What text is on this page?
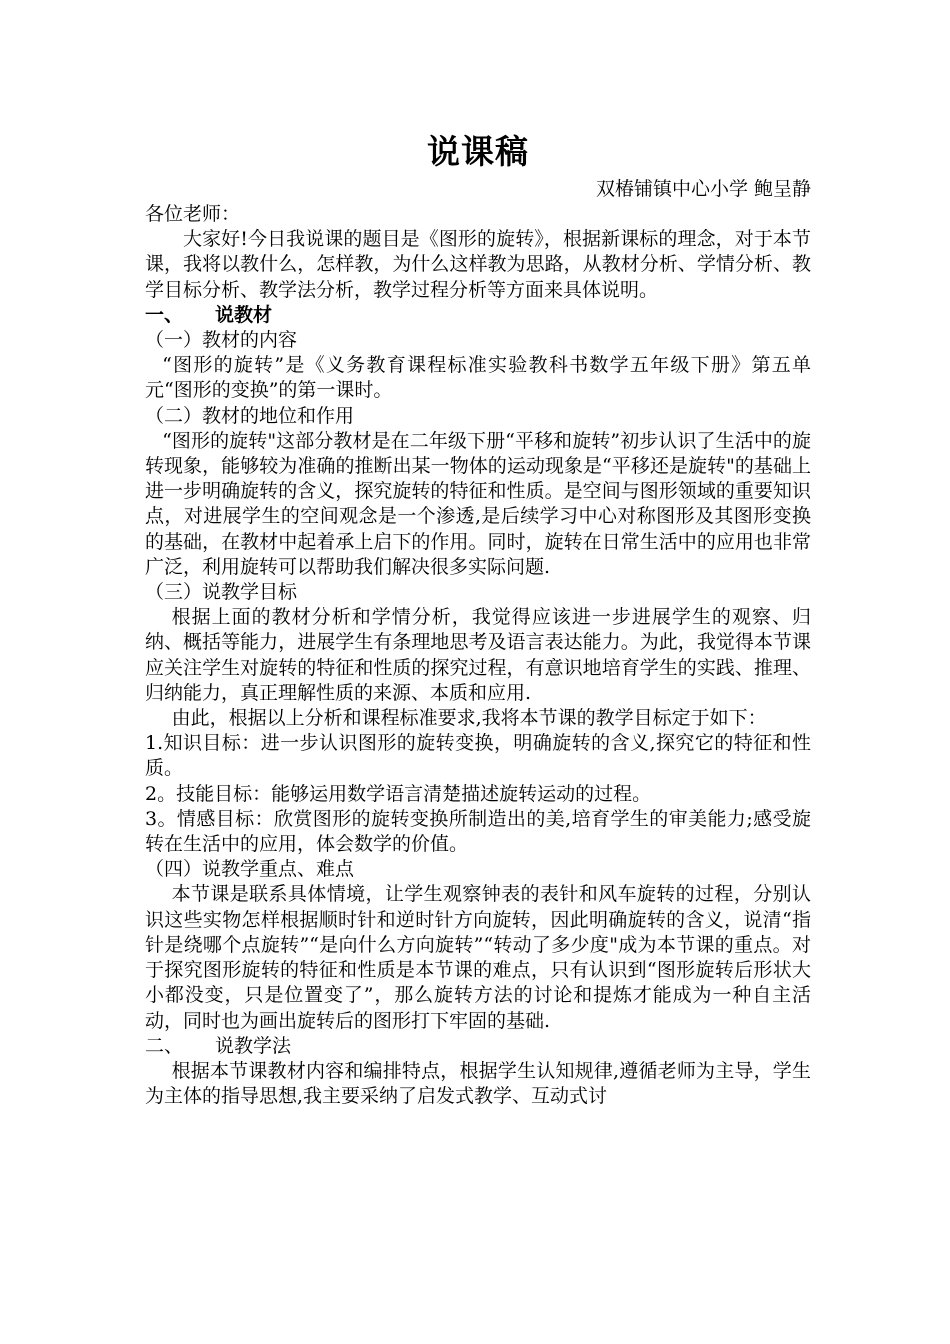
说课稿

双椿铺镇中心小学 鲍呈静

各位老师：

大家好!今日我说课的题目是《图形的旋转》，根据新课标的理念，对于本节课，我将以教什么，怎样教，为什么这样教为思路，从教材分析、学情分析、教学目标分析、教学法分析，教学过程分析等方面来具体说明。

一、 说教材

（一）教材的内容

“图形的旋转”是《义务教育课程标准实验教科书数学五年级下册》第五单元“图形的变换”的第一课时。

（二）教材的地位和作用

“图形的旋转"这部分教材是在二年级下册“平移和旋转”初步认识了生活中的旋转现象，能够较为准确的推断出某一物体的运动现象是“平移还是旋转"的基础上进一步明确旋转的含义，探究旋转的特征和性质。是空间与图形领域的重要知识点，对进展学生的空间观念是一个渗透,是后续学习中心对称图形及其图形变换的基础，在教材中起着承上启下的作用。同时，旋转在日常生活中的应用也非常广泛，利用旋转可以帮助我们解决很多实际问题.

（三）说教学目标

根据上面的教材分析和学情分析，我觉得应该进一步进展学生的观察、归纳、概括等能力，进展学生有条理地思考及语言表达能力。为此，我觉得本节课应关注学生对旋转的特征和性质的探究过程，有意识地培育学生的实践、推理、归纳能力，真正理解性质的来源、本质和应用.

由此，根据以上分析和课程标准要求,我将本节课的教学目标定于如下：

1.知识目标：进一步认识图形的旋转变换，明确旋转的含义,探究它的特征和性质。

2。技能目标：能够运用数学语言清楚描述旋转运动的过程。

3。情感目标：欣赏图形的旋转变换所制造出的美,培育学生的审美能力;感受旋转在生活中的应用，体会数学的价值。

（四）说教学重点、难点

本节课是联系具体情境，让学生观察钟表的表针和风车旋转的过程，分别认识这些实物怎样根据顺时针和逆时针方向旋转，因此明确旋转的含义，说清“指针是绕哪个点旋转”“是向什么方向旋转”“转动了多少度"成为本节课的重点。对于探究图形旋转的特征和性质是本节课的难点，只有认识到“图形旋转后形状大小都没变，只是位置变了”，那么旋转方法的讨论和提炼才能成为一种自主活动，同时也为画出旋转后的图形打下牢固的基础.

二、 说教学法

根据本节课教材内容和编排特点，根据学生认知规律,遵循老师为主导，学生为主体的指导思想,我主要采纳了启发式教学、互动式讨
